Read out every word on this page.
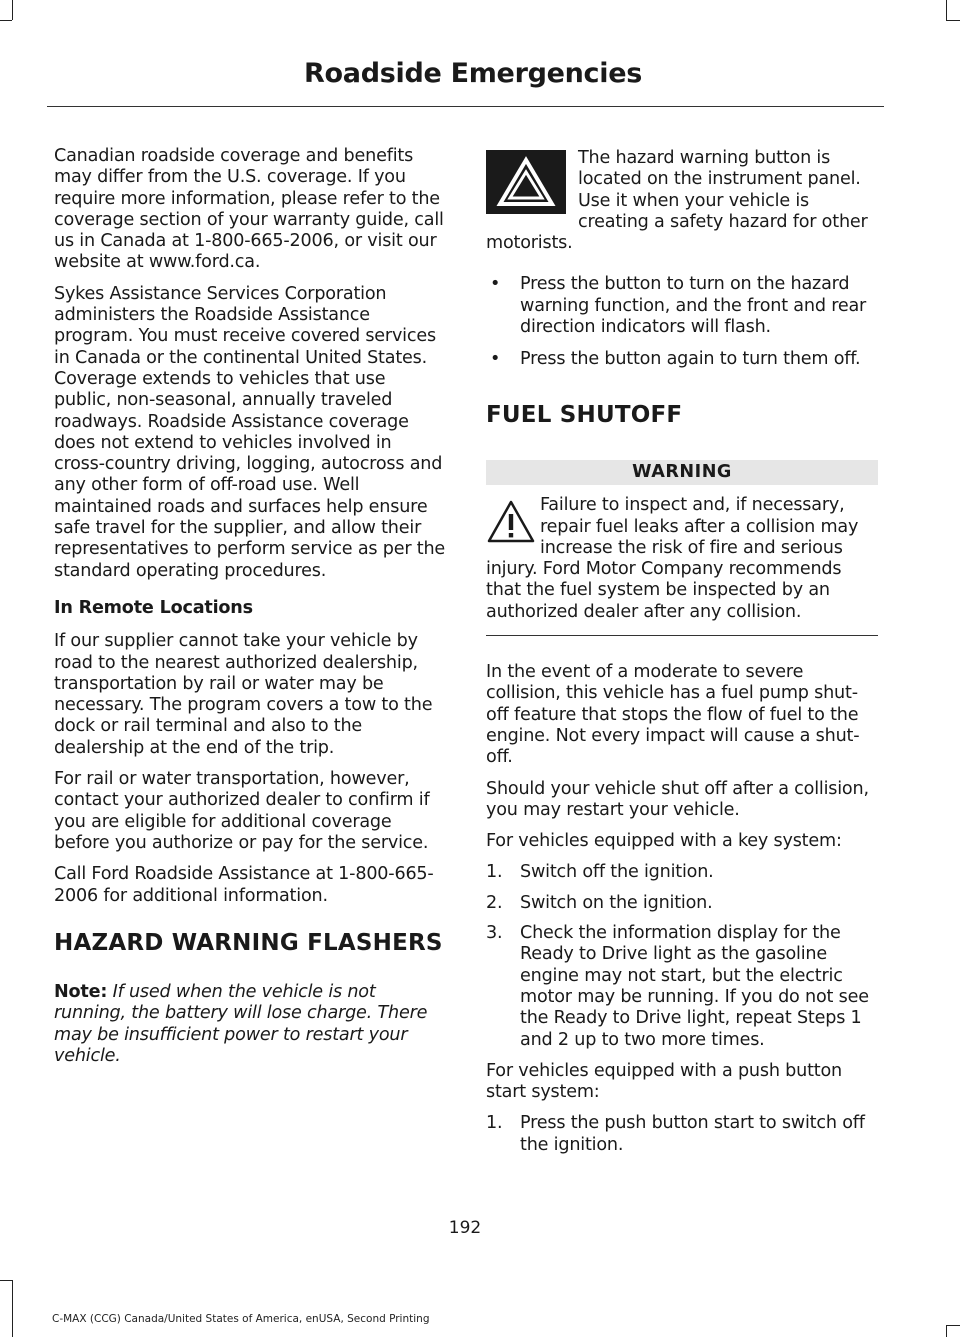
Roadside Emergencies

Canadian roadside coverage and benefits may differ from the U.S. coverage. If you require more information, please refer to the coverage section of your warranty guide, call us in Canada at 1-800-665-2006, or visit our website at www.ford.ca.

Sykes Assistance Services Corporation administers the Roadside Assistance program. You must receive covered services in Canada or the continental United States. Coverage extends to vehicles that use public, non-seasonal, annually traveled roadways. Roadside Assistance coverage does not extend to vehicles involved in cross-country driving, logging, autocross and any other form of off-road use. Well maintained roads and surfaces help ensure safe travel for the supplier, and allow their representatives to perform service as per the standard operating procedures.

In Remote Locations

If our supplier cannot take your vehicle by road to the nearest authorized dealership, transportation by rail or water may be necessary. The program covers a tow to the dock or rail terminal and also to the dealership at the end of the trip.

For rail or water transportation, however, contact your authorized dealer to confirm if you are eligible for additional coverage before you authorize or pay for the service.

Call Ford Roadside Assistance at 1-800-665-2006 for additional information.

HAZARD WARNING FLASHERS

Note: If used when the vehicle is not running, the battery will lose charge. There may be insufficient power to restart your vehicle.

The hazard warning button is located on the instrument panel. Use it when your vehicle is creating a safety hazard for other motorists.

• Press the button to turn on the hazard warning function, and the front and rear direction indicators will flash.
• Press the button again to turn them off.
FUEL SHUTOFF
WARNING

Failure to inspect and, if necessary, repair fuel leaks after a collision may increase the risk of fire and serious injury. Ford Motor Company recommends that the fuel system be inspected by an authorized dealer after any collision.

In the event of a moderate to severe collision, this vehicle has a fuel pump shut-off feature that stops the flow of fuel to the engine. Not every impact will cause a shut-off.

Should your vehicle shut off after a collision, you may restart your vehicle.

For vehicles equipped with a key system:

1. Switch off the ignition.
2. Switch on the ignition.
3. Check the information display for the Ready to Drive light as the gasoline engine may not start, but the electric motor may be running. If you do not see the Ready to Drive light, repeat Steps 1 and 2 up to two more times.

For vehicles equipped with a push button start system:

1. Press the push button start to switch off the ignition.
192
C-MAX (CCG) Canada/United States of America, enUSA, Second Printing
